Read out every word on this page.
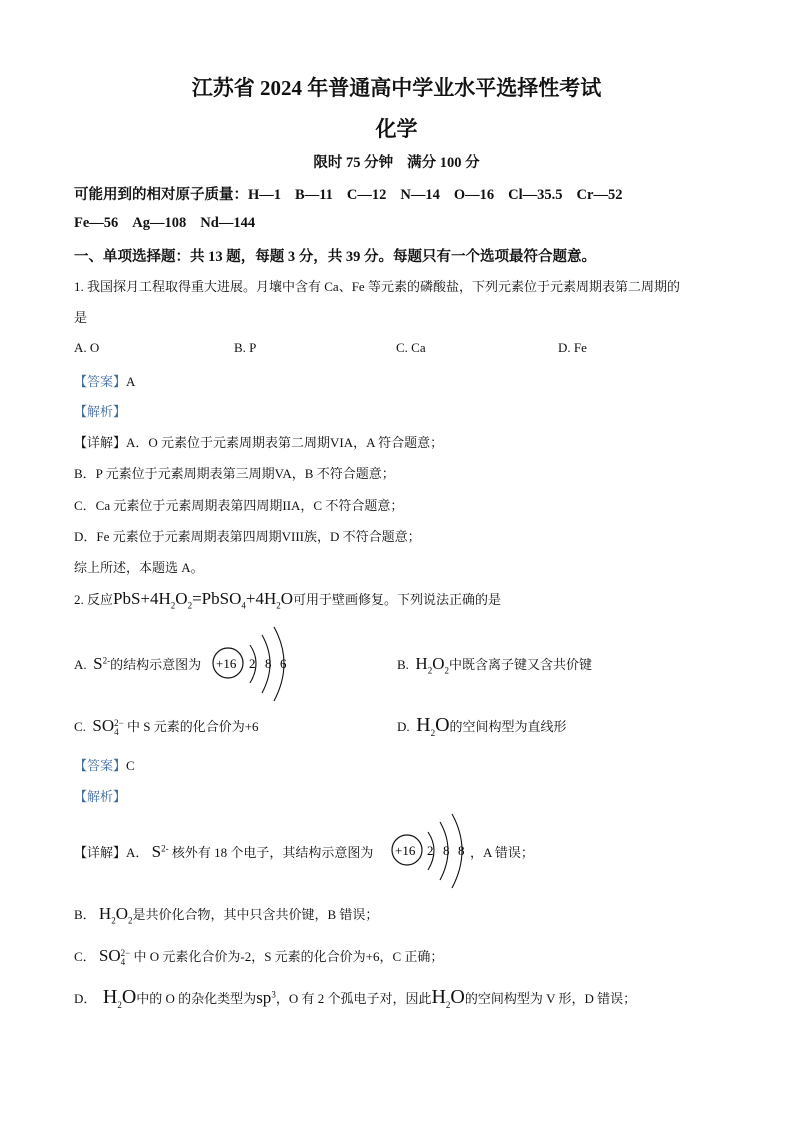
江苏省 2024 年普通高中学业水平选择性考试
化学
限时 75 分钟 满分 100 分
可能用到的相对原子质量：H—1 B—11 C—12 N—14 O—16 Cl—35.5 Cr—52
Fe—56 Ag—108 Nd—144
一、单项选择题：共 13 题，每题 3 分，共 39 分。每题只有一个选项最符合题意。
1. 我国探月工程取得重大进展。月壤中含有 Ca、Fe 等元素的磷酸盐，下列元素位于元素周期表第二周期的
是
A. O	B. P	C. Ca	D. Fe
【答案】A
【解析】
【详解】A．O 元素位于元素周期表第二周期VIA，A 符合题意；
B．P 元素位于元素周期表第三周期VA，B 不符合题意；
C．Ca 元素位于元素周期表第四周期IIA，C 不符合题意；
D．Fe 元素位于元素周期表第四周期VIII族，D 不符合题意；
综上所述，本题选 A。
2. 反应$PbS+4H_2O_2=PbSO_4+4H_2O$可用于壁画修复。下列说法正确的是
A. $S^{2-}$的结构示意图为 +16 2 8 6	B. $H_2O_2$中既含离子键又含共价键
C. SO 2−
4 中 S 元素的化合价为+6	D. $H_2O$的空间构型为直线形
【答案】C
【解析】
【详解】A． $S^{2-}$ 核外有 18 个电子，其结构示意图为 +16 2 8 8 ，A 错误；
B． $H_2O_2$是共价化合物，其中只含共价键，B 错误；
C． SO 2−
4 中 O 元素化合价为-2，S 元素的化合价为+6，C 正确；
D． $H_2O$中的 O 的杂化类型为$sp^3$，O 有 2 个孤电子对，因此$H_2O$的空间构型为 V 形，D 错误；
